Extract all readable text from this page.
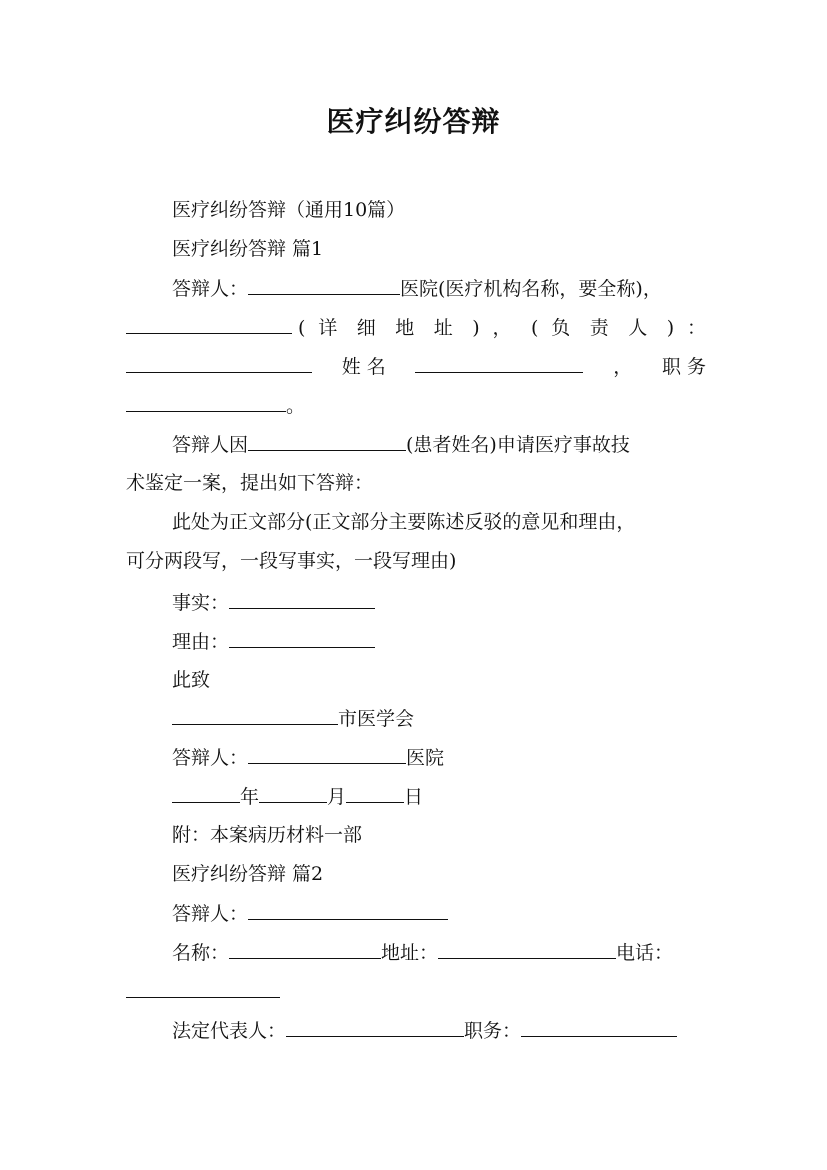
医疗纠纷答辩
医疗纠纷答辩（通用10篇）
医疗纠纷答辩 篇1
答辩人：	医院(医疗机构名称，要全称)，
( 详 细 地 址 ) ， ( 负 责 人 ) ：
姓 名	， 职 务
。
答辩人因	(患者姓名)申请医疗事故技
术鉴定一案，提出如下答辩：
此处为正文部分(正文部分主要陈述反驳的意见和理由，
可分两段写，一段写事实，一段写理由)
事实：
理由：
此致
市医学会
答辩人：	医院
年	月	日
附：本案病历材料一部
医疗纠纷答辩 篇2
答辩人：
名称：	地址：	电话：
法定代表人：	职务：
